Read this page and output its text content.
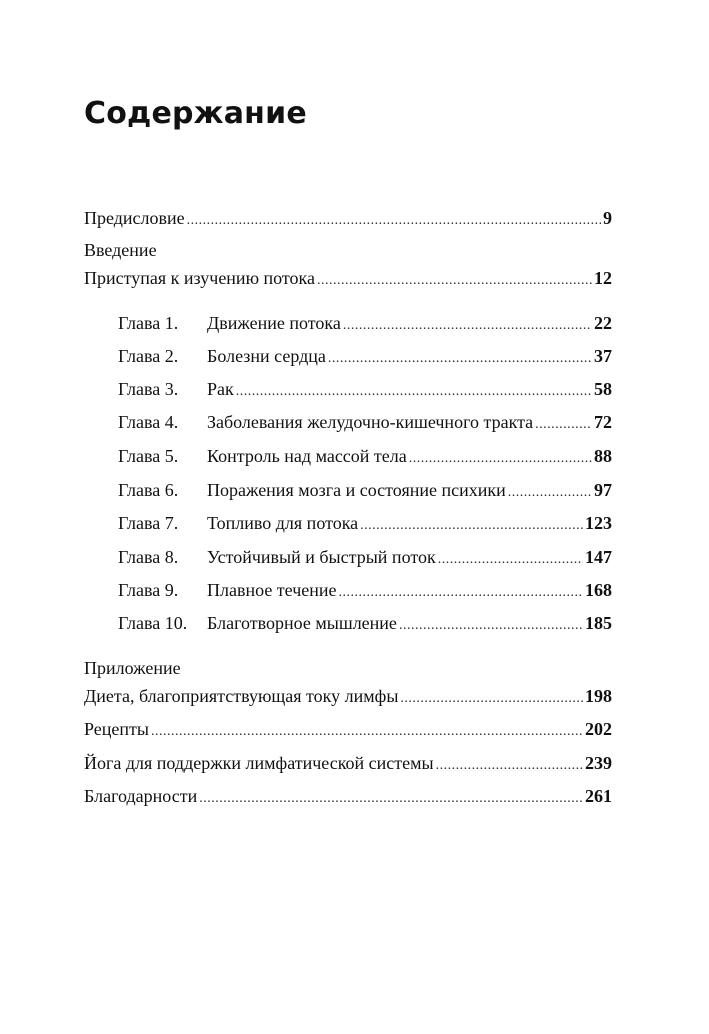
Содержание
Предисловие .....	9
Введение
Приступая к изучению потока .....	12
Глава 1.	Движение потока .....	22
Глава 2.	Болезни сердца .....	37
Глава 3.	Рак .....	58
Глава 4.	Заболевания желудочно-кишечного тракта .....	72
Глава 5.	Контроль над массой тела .....	88
Глава 6.	Поражения мозга и состояние психики .....	97
Глава 7.	Топливо для потока .....	123
Глава 8.	Устойчивый и быстрый поток .....	147
Глава 9.	Плавное течение .....	168
Глава 10.	Благотворное мышление .....	185
Приложение
Диета, благоприятствующая току лимфы .....	198
Рецепты .....	202
Йога для поддержки лимфатической системы .....	239
Благодарности .....	261
